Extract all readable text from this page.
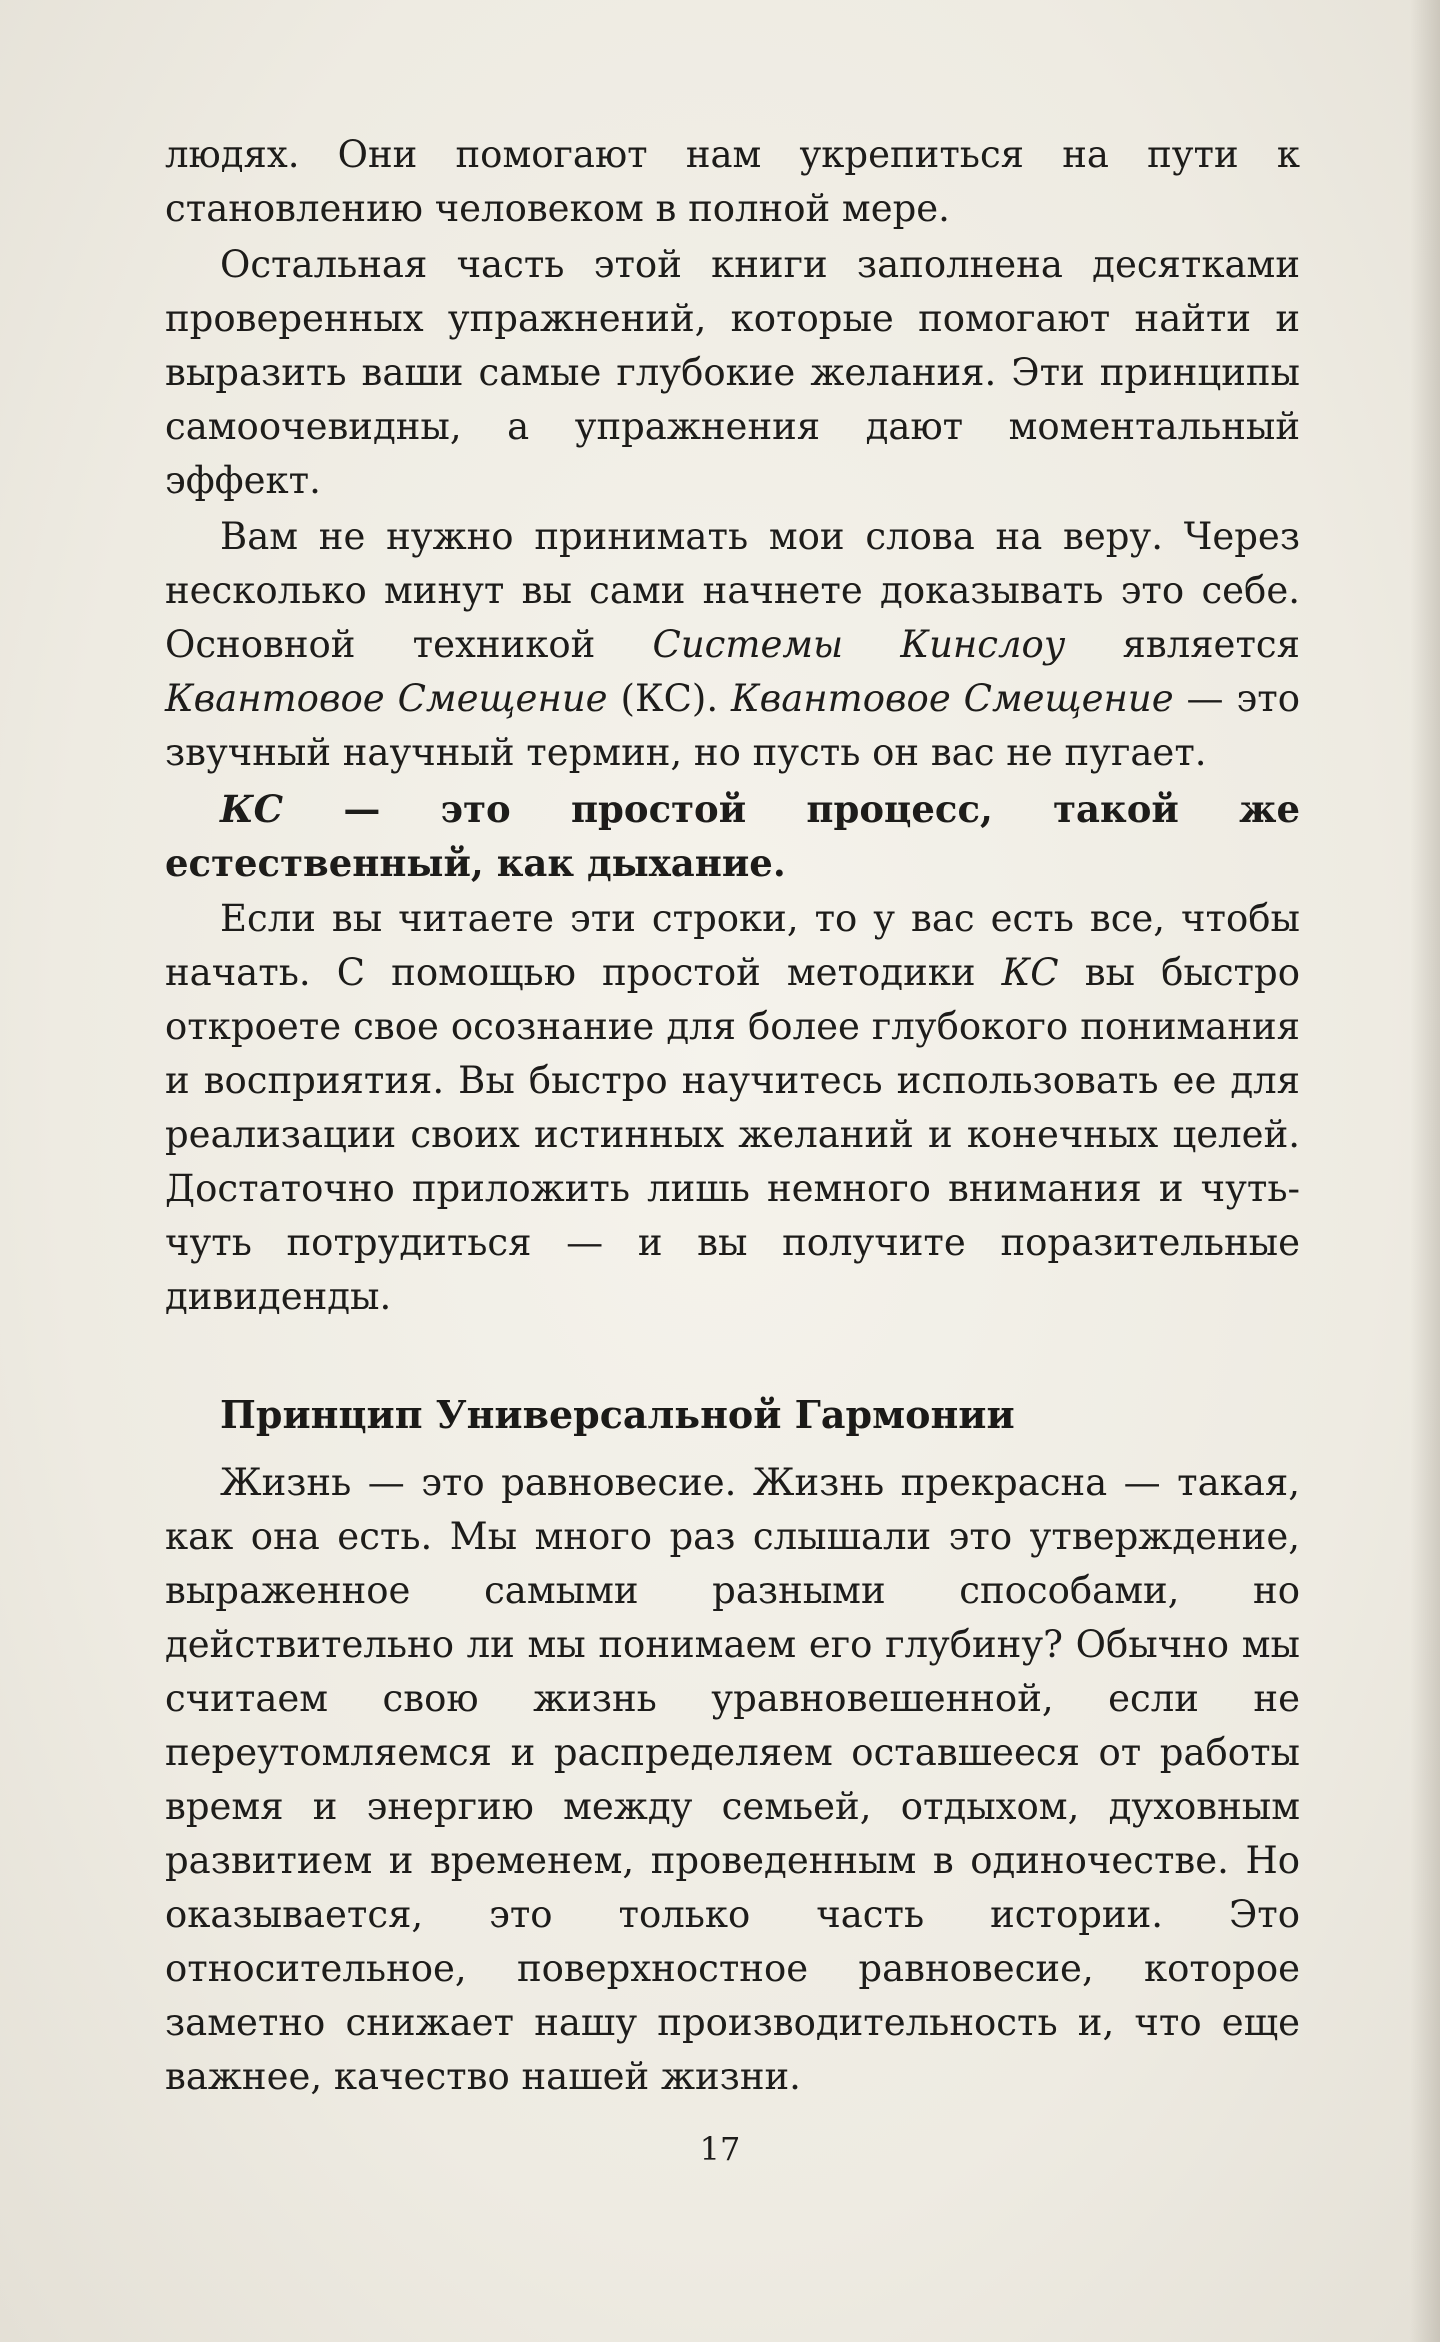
людях. Они помогают нам укрепиться на пути к становлению человеком в полной мере.

Остальная часть этой книги заполнена десятками проверенных упражнений, которые помогают найти и выразить ваши самые глубокие желания. Эти принципы самоочевидны, а упражнения дают моментальный эффект.

Вам не нужно принимать мои слова на веру. Через несколько минут вы сами начнете доказывать это себе. Основной техникой Системы Кинслоу является Квантовое Смещение (КС). Квантовое Смещение — это звучный научный термин, но пусть он вас не пугает.

КС — это простой процесс, такой же естественный, как дыхание.

Если вы читаете эти строки, то у вас есть все, чтобы начать. С помощью простой методики КС вы быстро откроете свое осознание для более глубокого понимания и восприятия. Вы быстро научитесь использовать ее для реализации своих истинных желаний и конечных целей. Достаточно приложить лишь немного внимания и чуть-чуть потрудиться — и вы получите поразительные дивиденды.

Принцип Универсальной Гармонии

Жизнь — это равновесие. Жизнь прекрасна — такая, как она есть. Мы много раз слышали это утверждение, выраженное самыми разными способами, но действительно ли мы понимаем его глубину? Обычно мы считаем свою жизнь уравновешенной, если не переутомляемся и распределяем оставшееся от работы время и энергию между семьей, отдыхом, духовным развитием и временем, проведенным в одиночестве. Но оказывается, это только часть истории. Это относительное, поверхностное равновесие, которое заметно снижает нашу производительность и, что еще важнее, качество нашей жизни.

17
